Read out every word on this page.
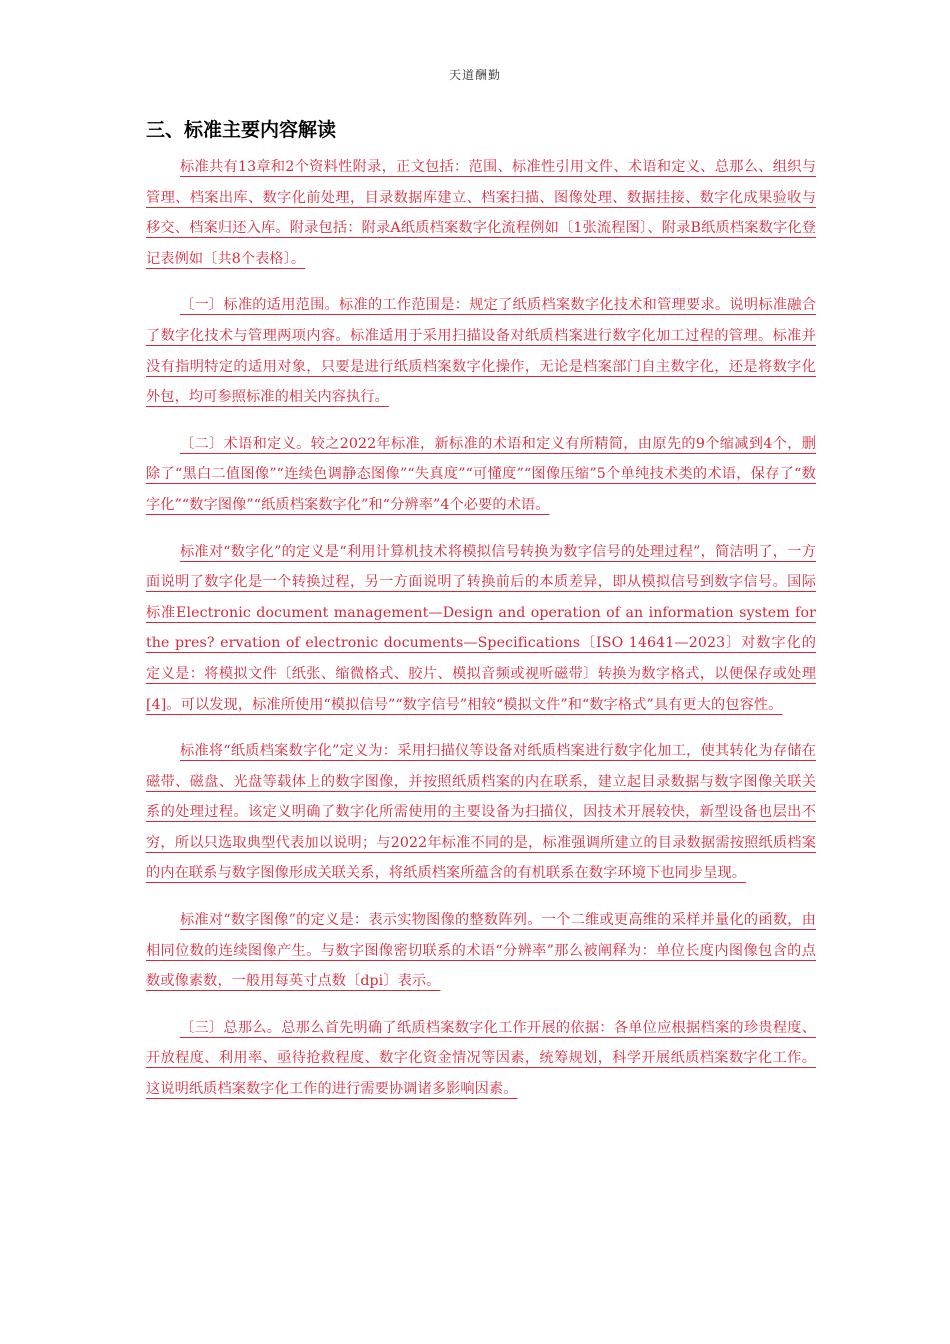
天道酬勤
三、标准主要内容解读

标准共有13章和2个资料性附录，正文包括：范围、标准性引用文件、术语和定义、总那么、组织与管理、档案出库、数字化前处理，目录数据库建立、档案扫描、图像处理、数据挂接、数字化成果验收与移交、档案归还入库。附录包括：附录A纸质档案数字化流程例如〔1张流程图〕、附录B纸质档案数字化登记表例如〔共8个表格〕。

〔一〕标准的适用范围。标准的工作范围是：规定了纸质档案数字化技术和管理要求。说明标准融合了数字化技术与管理两项内容。标准适用于采用扫描设备对纸质档案进行数字化加工过程的管理。标准并没有指明特定的适用对象，只要是进行纸质档案数字化操作，无论是档案部门自主数字化，还是将数字化外包，均可参照标准的相关内容执行。

〔二〕术语和定义。较之2022年标准，新标准的术语和定义有所精简，由原先的9个缩减到4个，删除了“黑白二值图像”“连续色调静态图像”“失真度”“可懂度”“图像压缩”5个单纯技术类的术语，保存了“数字化”“数字图像”“纸质档案数字化”和“分辨率”4个必要的术语。

标准对“数字化”的定义是“利用计算机技术将模拟信号转换为数字信号的处理过程”，简洁明了，一方面说明了数字化是一个转换过程，另一方面说明了转换前后的本质差异，即从模拟信号到数字信号。国际标准Electronic document management—Design and operation of an information system for the pres? ervation of electronic documents—Specifications〔ISO 14641—2023〕对数字化的定义是：将模拟文件〔纸张、缩微格式、胶片、模拟音频或视听磁带〕转换为数字格式，以便保存或处理[4]。可以发现，标准所使用“模拟信号”“数字信号”相较“模拟文件”和“数字格式”具有更大的包容性。

标准将“纸质档案数字化”定义为：采用扫描仪等设备对纸质档案进行数字化加工，使其转化为存储在磁带、磁盘、光盘等载体上的数字图像，并按照纸质档案的内在联系，建立起目录数据与数字图像关联关系的处理过程。该定义明确了数字化所需使用的主要设备为扫描仪，因技术开展较快，新型设备也层出不穷，所以只选取典型代表加以说明；与2022年标准不同的是，标准强调所建立的目录数据需按照纸质档案的内在联系与数字图像形成关联关系，将纸质档案所蕴含的有机联系在数字环境下也同步呈现。

标准对“数字图像”的定义是：表示实物图像的整数阵列。一个二维或更高维的采样并量化的函数，由相同位数的连续图像产生。与数字图像密切联系的术语“分辨率”那么被阐释为：单位长度内图像包含的点数或像素数，一般用每英寸点数〔dpi〕表示。

〔三〕总那么。总那么首先明确了纸质档案数字化工作开展的依据：各单位应根据档案的珍贵程度、开放程度、利用率、亟待抢救程度、数字化资金情况等因素，统筹规划，科学开展纸质档案数字化工作。这说明纸质档案数字化工作的进行需要协调诸多影响因素。
